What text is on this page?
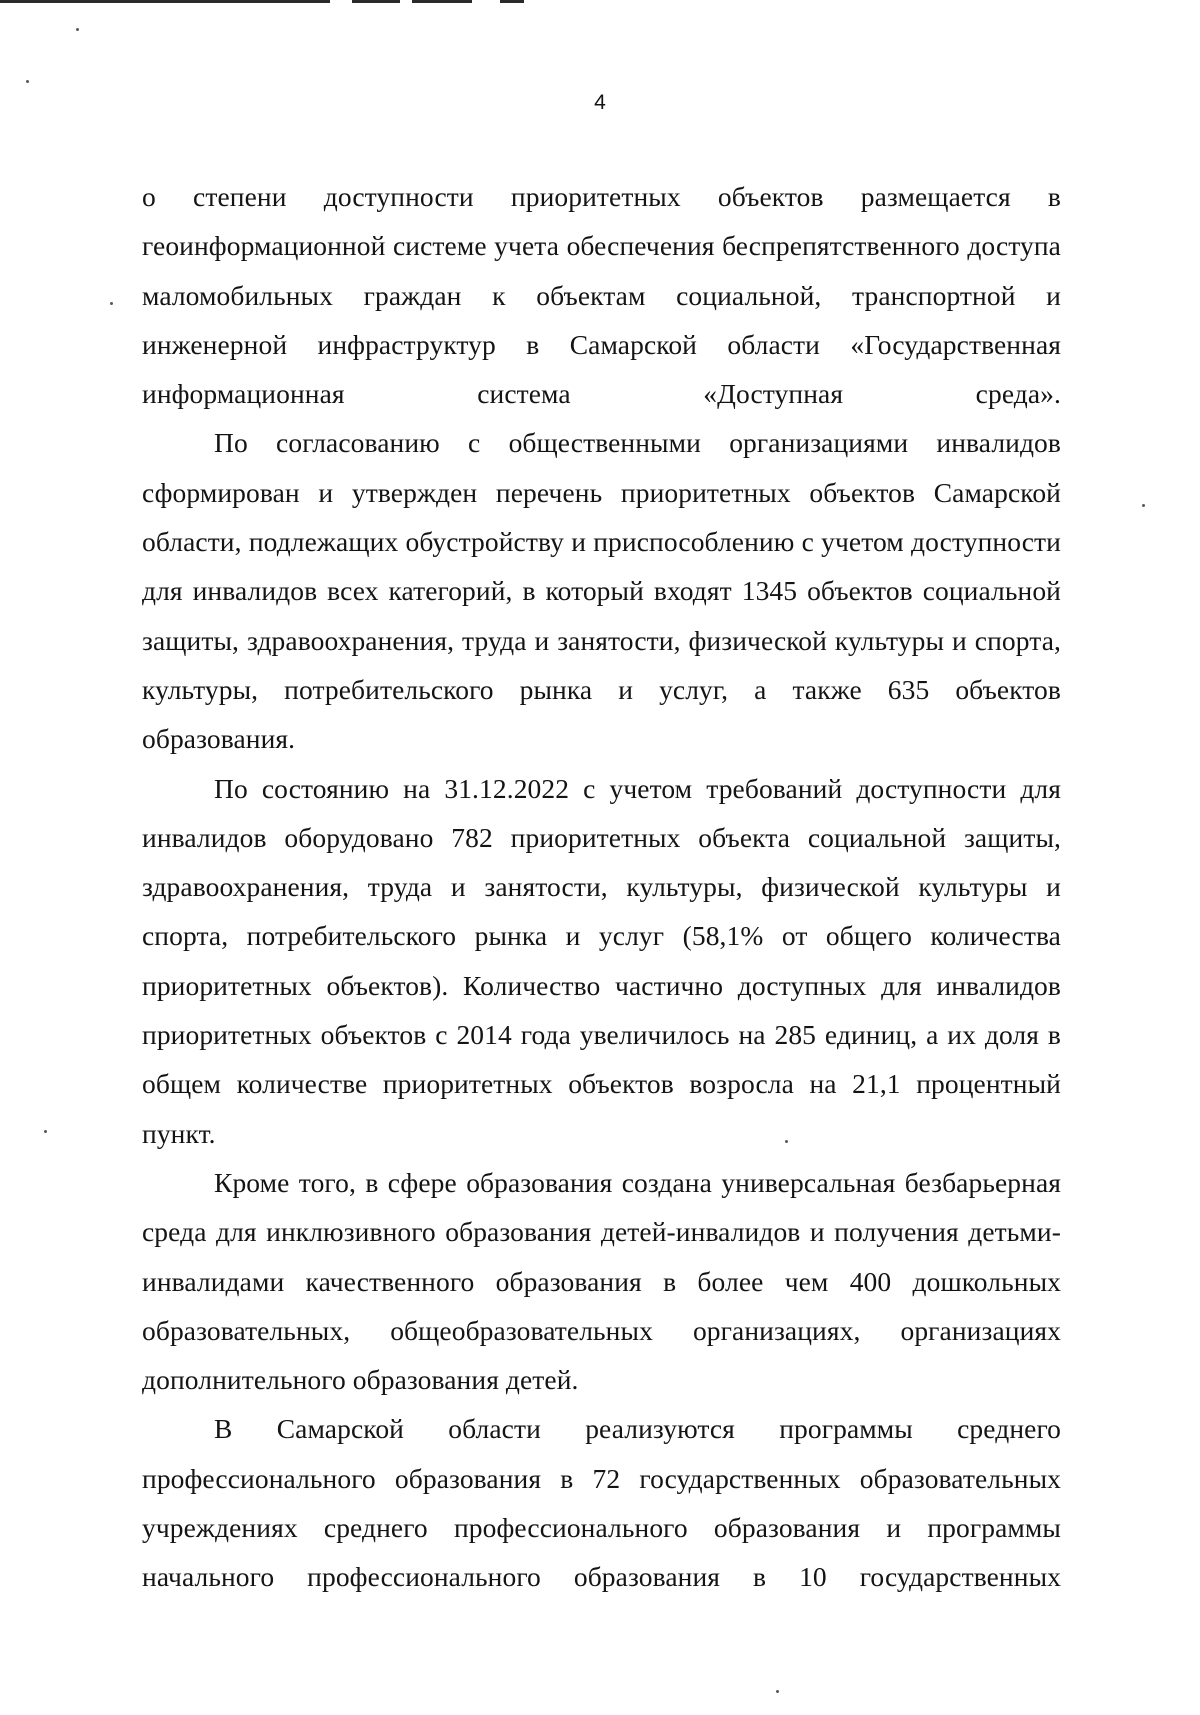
4

о степени доступности приоритетных объектов размещается в геоинформационной системе учета обеспечения беспрепятственного доступа маломобильных граждан к объектам социальной, транспортной и инженерной инфраструктур в Самарской области «Государственная информационная система «Доступная среда».

По согласованию с общественными организациями инвалидов сформирован и утвержден перечень приоритетных объектов Самарской области, подлежащих обустройству и приспособлению с учетом доступности для инвалидов всех категорий, в который входят 1345 объектов социальной защиты, здравоохранения, труда и занятости, физической культуры и спорта, культуры, потребительского рынка и услуг, а также 635 объектов образования.

По состоянию на 31.12.2022 с учетом требований доступности для инвалидов оборудовано 782 приоритетных объекта социальной защиты, здравоохранения, труда и занятости, культуры, физической культуры и спорта, потребительского рынка и услуг (58,1% от общего количества приоритетных объектов). Количество частично доступных для инвалидов приоритетных объектов с 2014 года увеличилось на 285 единиц, а их доля в общем количестве приоритетных объектов возросла на 21,1 процентный пункт.

Кроме того, в сфере образования создана универсальная безбарьерная среда для инклюзивного образования детей-инвалидов и получения детьми-инвалидами качественного образования в более чем 400 дошкольных образовательных, общеобразовательных организациях, организациях дополнительного образования детей.

В Самарской области реализуются программы среднего профессионального образования в 72 государственных образовательных учреждениях среднего профессионального образования и программы начального профессионального образования в 10 государственных
